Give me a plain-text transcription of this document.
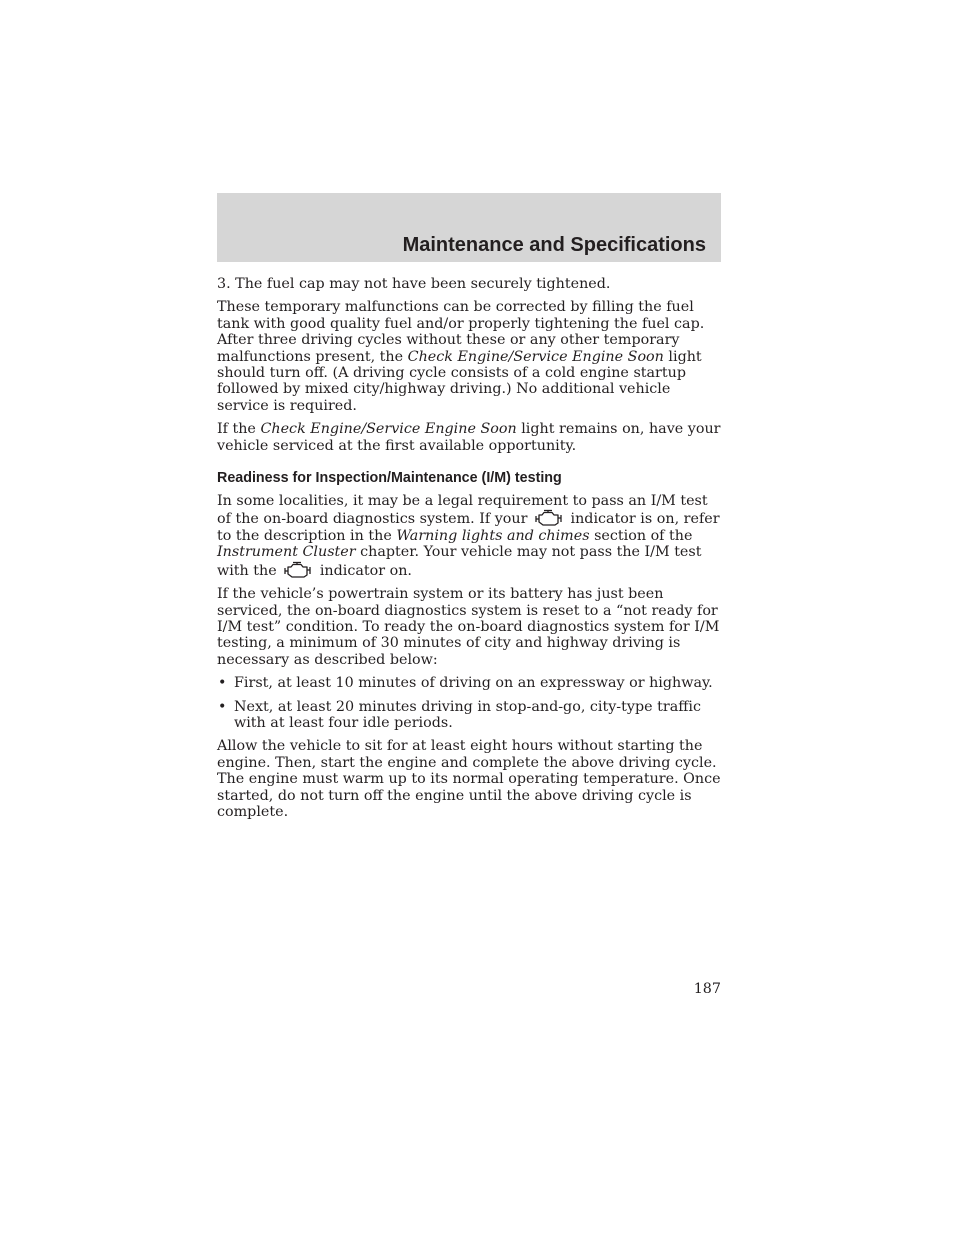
Maintenance and Specifications

3. The fuel cap may not have been securely tightened.

These temporary malfunctions can be corrected by filling the fuel tank with good quality fuel and/or properly tightening the fuel cap. After three driving cycles without these or any other temporary malfunctions present, the Check Engine/Service Engine Soon light should turn off. (A driving cycle consists of a cold engine startup followed by mixed city/highway driving.) No additional vehicle service is required.

If the Check Engine/Service Engine Soon light remains on, have your vehicle serviced at the first available opportunity.

Readiness for Inspection/Maintenance (I/M) testing

In some localities, it may be a legal requirement to pass an I/M test of the on-board diagnostics system. If your  indicator is on, refer to the description in the Warning lights and chimes section of the Instrument Cluster chapter. Your vehicle may not pass the I/M test with the  indicator on.

If the vehicle’s powertrain system or its battery has just been serviced, the on-board diagnostics system is reset to a “not ready for I/M test” condition. To ready the on-board diagnostics system for I/M testing, a minimum of 30 minutes of city and highway driving is necessary as described below:

• First, at least 10 minutes of driving on an expressway or highway.
• Next, at least 20 minutes driving in stop-and-go, city-type traffic with at least four idle periods.

Allow the vehicle to sit for at least eight hours without starting the engine. Then, start the engine and complete the above driving cycle. The engine must warm up to its normal operating temperature. Once started, do not turn off the engine until the above driving cycle is complete.

187
